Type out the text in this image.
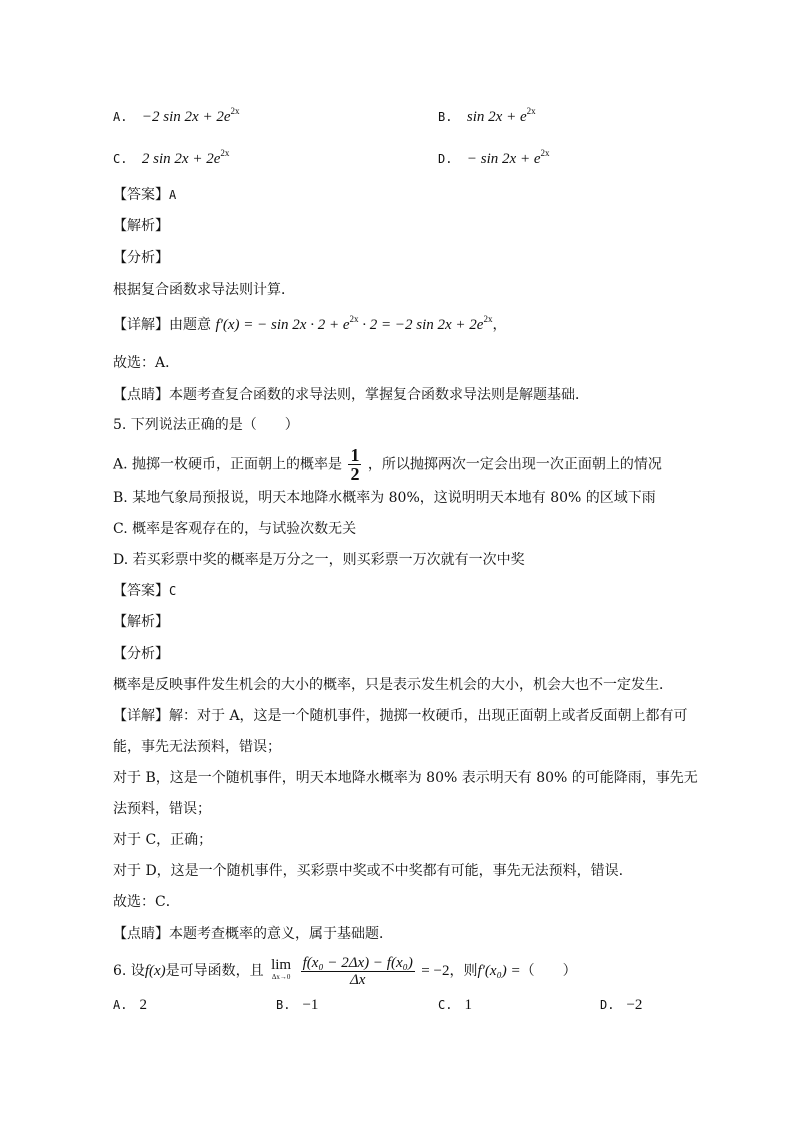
A. −2 $\sin 2x + 2e^{2x}$	B. $\sin 2x + e^{2x}$
C. 2 $\sin 2x + 2e^{2x}$	D. − $\sin 2x + e^{2x}$
【答案】A
【解析】
【分析】
根据复合函数求导法则计算．
【详解】由题意 f′(x) = − $\sin 2x \cdot 2 + e^{2x} \cdot 2 = -2$ $\sin 2x + 2e^{2x}$，
故选：A．
【点睛】本题考查复合函数的求导法则，掌握复合函数求导法则是解题基础．
5. 下列说法正确的是（　　）
A. 抛掷一枚硬币，正面朝上的概率是 $\frac{1}{2}$ ，所以抛掷两次一定会出现一次正面朝上的情况
B. 某地气象局预报说，明天本地降水概率为 80%，这说明明天本地有 80% 的区域下雨
C. 概率是客观存在的，与试验次数无关
D. 若买彩票中奖的概率是万分之一，则买彩票一万次就有一次中奖
【答案】C
【解析】
【分析】
概率是反映事件发生机会的大小的概率，只是表示发生机会的大小，机会大也不一定发生．
【详解】解：对于 A，这是一个随机事件，抛掷一枚硬币，出现正面朝上或者反面朝上都有可
能，事先无法预料，错误；
对于 B，这是一个随机事件，明天本地降水概率为 80% 表示明天有 80% 的可能降雨，事先无
法预料，错误；
对于 C，正确；
对于 D，这是一个随机事件，买彩票中奖或不中奖都有可能，事先无法预料，错误.
故选：C．
【点睛】本题考查概率的意义，属于基础题．
6. 设f(x)是可导函数，且 lim
Δx→0
$\frac{\text{f(x₀ − 2Δx) − f(x₀)}}{\Delta x} = -2$，则f′(x₀) =（　　）
A. 2	B. −1	C. 1	D. −2
